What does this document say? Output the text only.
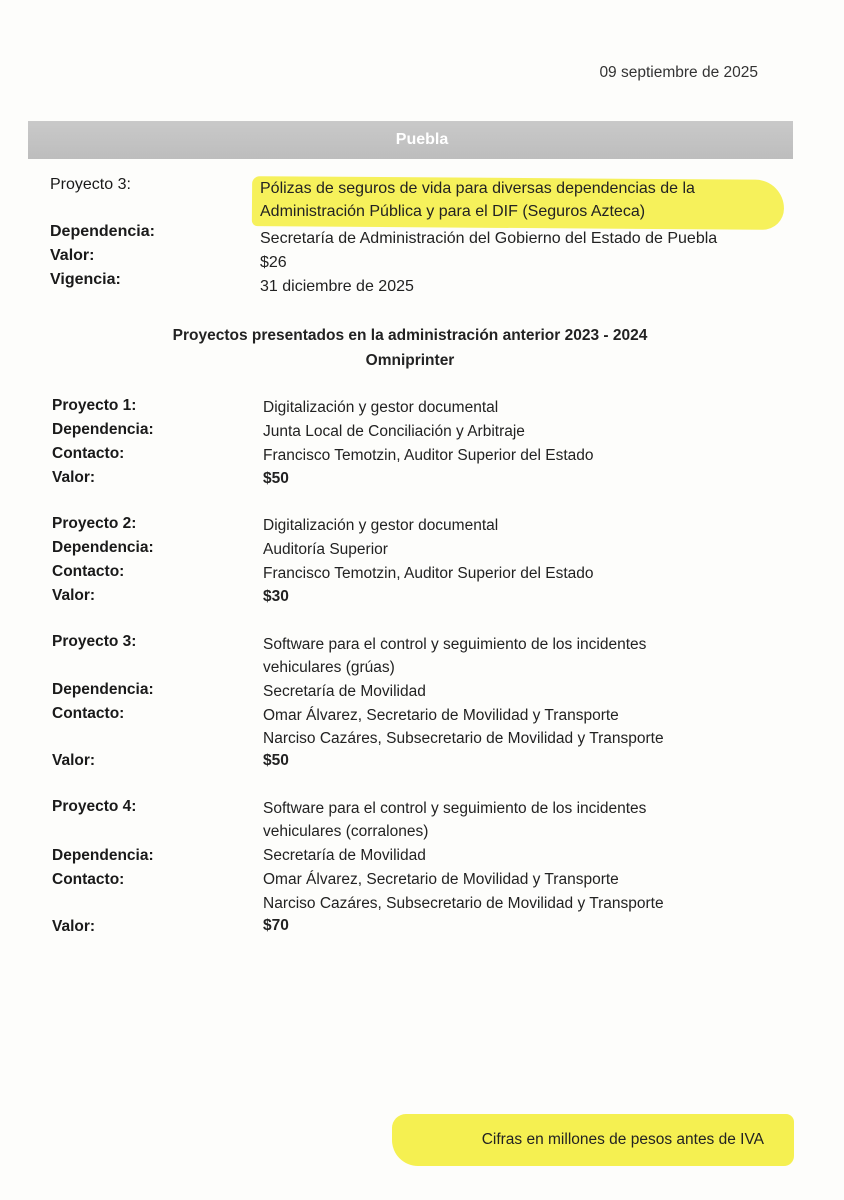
09 septiembre de 2025
Puebla
Proyecto 3:
Dependencia:
Valor:
Vigencia:
Pólizas de seguros de vida para diversas dependencias de la
Administración Pública y para el DIF (Seguros Azteca)
Secretaría de Administración del Gobierno del Estado de Puebla
$26
31 diciembre de 2025
Proyectos presentados en la administración anterior 2023 - 2024
Omniprinter
Proyecto 1:
Dependencia:
Contacto:
Valor:
Digitalización y gestor documental
Junta Local de Conciliación y Arbitraje
Francisco Temotzin, Auditor Superior del Estado
$50
Proyecto 2:
Dependencia:
Contacto:
Valor:
Digitalización y gestor documental
Auditoría Superior
Francisco Temotzin, Auditor Superior del Estado
$30
Proyecto 3:
Dependencia:
Contacto:
Valor:
Software para el control y seguimiento de los incidentes
vehiculares (grúas)
Secretaría de Movilidad
Omar Álvarez, Secretario de Movilidad y Transporte
Narciso Cazáres, Subsecretario de Movilidad y Transporte
$50
Proyecto 4:
Dependencia:
Contacto:
Valor:
Software para el control y seguimiento de los incidentes
vehiculares (corralones)
Secretaría de Movilidad
Omar Álvarez, Secretario de Movilidad y Transporte
Narciso Cazáres, Subsecretario de Movilidad y Transporte
$70
Cifras en millones de pesos antes de IVA
